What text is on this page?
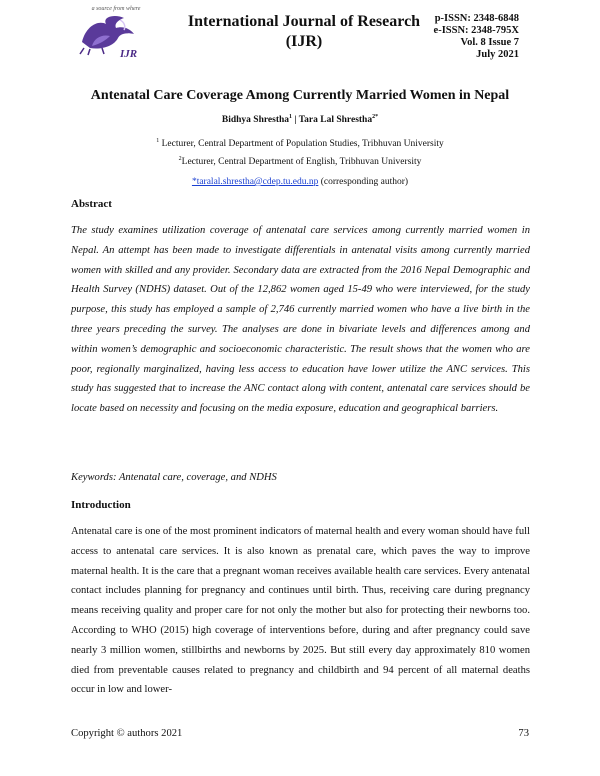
a source from where
IJR
International Journal of Research
(IJR)
p-ISSN: 2348-6848
e-ISSN: 2348-795X
Vol. 8 Issue 7
July 2021
Antenatal Care Coverage Among Currently Married Women in Nepal
Bidhya Shrestha$^1$ | Tara Lal Shrestha$^{2*}$
$^1$ Lecturer, Central Department of Population Studies, Tribhuvan University
$^2$Lecturer, Central Department of English, Tribhuvan University
*taralal.shrestha@cdep.tu.edu.np (corresponding author)
Abstract
The study examines utilization coverage of antenatal care services among currently married women in Nepal. An attempt has been made to investigate differentials in antenatal visits among currently married women with skilled and any provider. Secondary data are extracted from the 2016 Nepal Demographic and Health Survey (NDHS) dataset. Out of the 12,862 women aged 15-49 who were interviewed, for the study purpose, this study has employed a sample of 2,746 currently married women who have a live birth in the three years preceding the survey. The analyses are done in bivariate levels and differences among and within women’s demographic and socioeconomic characteristic. The result shows that the women who are poor, regionally marginalized, having less access to education have lower utilize the ANC services. This study has suggested that to increase the ANC contact along with content, antenatal care services should be locate based on necessity and focusing on the media exposure, education and geographical barriers.
Keywords: Antenatal care, coverage, and NDHS
Introduction
Antenatal care is one of the most prominent indicators of maternal health and every woman should have full access to antenatal care services. It is also known as prenatal care, which paves the way to improve maternal health. It is the care that a pregnant woman receives available health care services. Every antenatal contact includes planning for pregnancy and continues until birth. Thus, receiving care during pregnancy means receiving quality and proper care for not only the mother but also for protecting their newborns too. According to WHO (2015) high coverage of interventions before, during and after pregnancy could save nearly 3 million women, stillbirths and newborns by 2025. But still every day approximately 810 women died from preventable causes related to pregnancy and childbirth and 94 percent of all maternal deaths occur in low and lower-
Copyright © authors 2021	73
